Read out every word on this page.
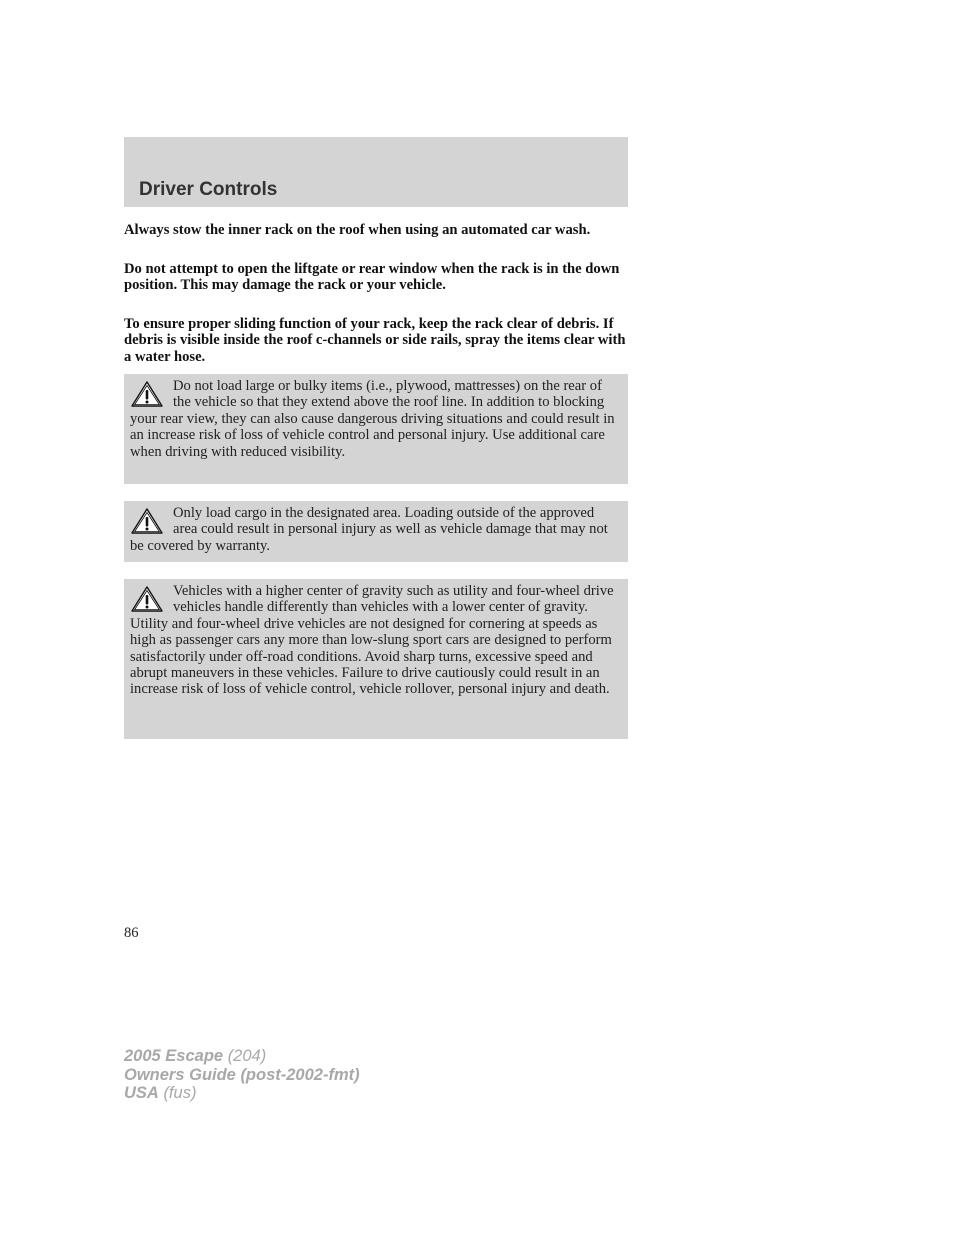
Driver Controls

Always stow the inner rack on the roof when using an automated car wash.

Do not attempt to open the liftgate or rear window when the rack is in the down position. This may damage the rack or your vehicle.

To ensure proper sliding function of your rack, keep the rack clear of debris. If debris is visible inside the roof c-channels or side rails, spray the items clear with a water hose.

Do not load large or bulky items (i.e., plywood, mattresses) on the rear of the vehicle so that they extend above the roof line. In addition to blocking your rear view, they can also cause dangerous driving situations and could result in an increase risk of loss of vehicle control and personal injury. Use additional care when driving with reduced visibility.

Only load cargo in the designated area. Loading outside of the approved area could result in personal injury as well as vehicle damage that may not be covered by warranty.

Vehicles with a higher center of gravity such as utility and four-wheel drive vehicles handle differently than vehicles with a lower center of gravity. Utility and four-wheel drive vehicles are not designed for cornering at speeds as high as passenger cars any more than low-slung sport cars are designed to perform satisfactorily under off-road conditions. Avoid sharp turns, excessive speed and abrupt maneuvers in these vehicles. Failure to drive cautiously could result in an increase risk of loss of vehicle control, vehicle rollover, personal injury and death.

86

2005 Escape (204)
Owners Guide (post-2002-fmt)
USA (fus)
